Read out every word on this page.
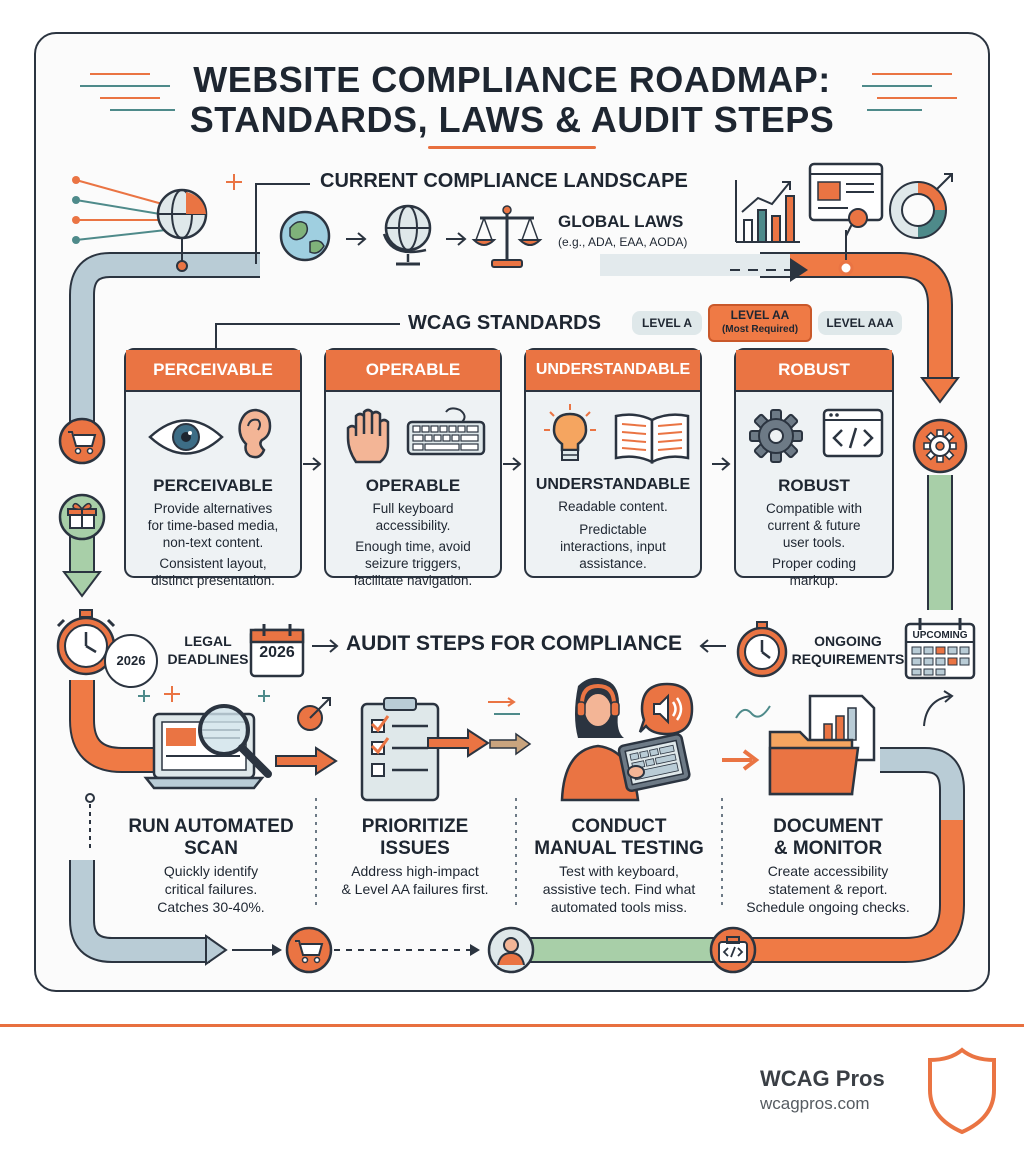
WEBSITE COMPLIANCE ROADMAP:
STANDARDS, LAWS & AUDIT STEPS
CURRENT COMPLIANCE LANDSCAPE
GLOBAL LAWS
(e.g., ADA, EAA, AODA)
WCAG STANDARDS	LEVEL A
LEVEL AA
(Most Required)	LEVEL AAA
PERCEIVABLE
PERCEIVABLE
Provide alternatives
for time-based media,
non-text content.
Consistent layout,
distinct presentation.
OPERABLE
OPERABLE
Full keyboard
accessibility.
Enough time, avoid
seizure triggers,
facilitate navigation.
UNDERSTANDABLE
UNDERSTANDABLE
Readable content.
Predictable
interactions, input
assistance.
ROBUST
ROBUST
Compatible with
current & future
user tools.
Proper coding
markup.
2026
LEGAL
DEADLINES 2026	AUDIT STEPS FOR COMPLIANCE	ONGOING
REQUIREMENTS
UPCOMING
RUN AUTOMATED
SCAN
Quickly identify
critical failures.
Catches 30-40%.
PRIORITIZE
ISSUES
Address high-impact
& Level AA failures first.
CONDUCT
MANUAL TESTING
Test with keyboard,
assistive tech. Find what
automated tools miss.
DOCUMENT
& MONITOR
Create accessibility
statement & report.
Schedule ongoing checks.
WCAG Pros
wcagpros.com
